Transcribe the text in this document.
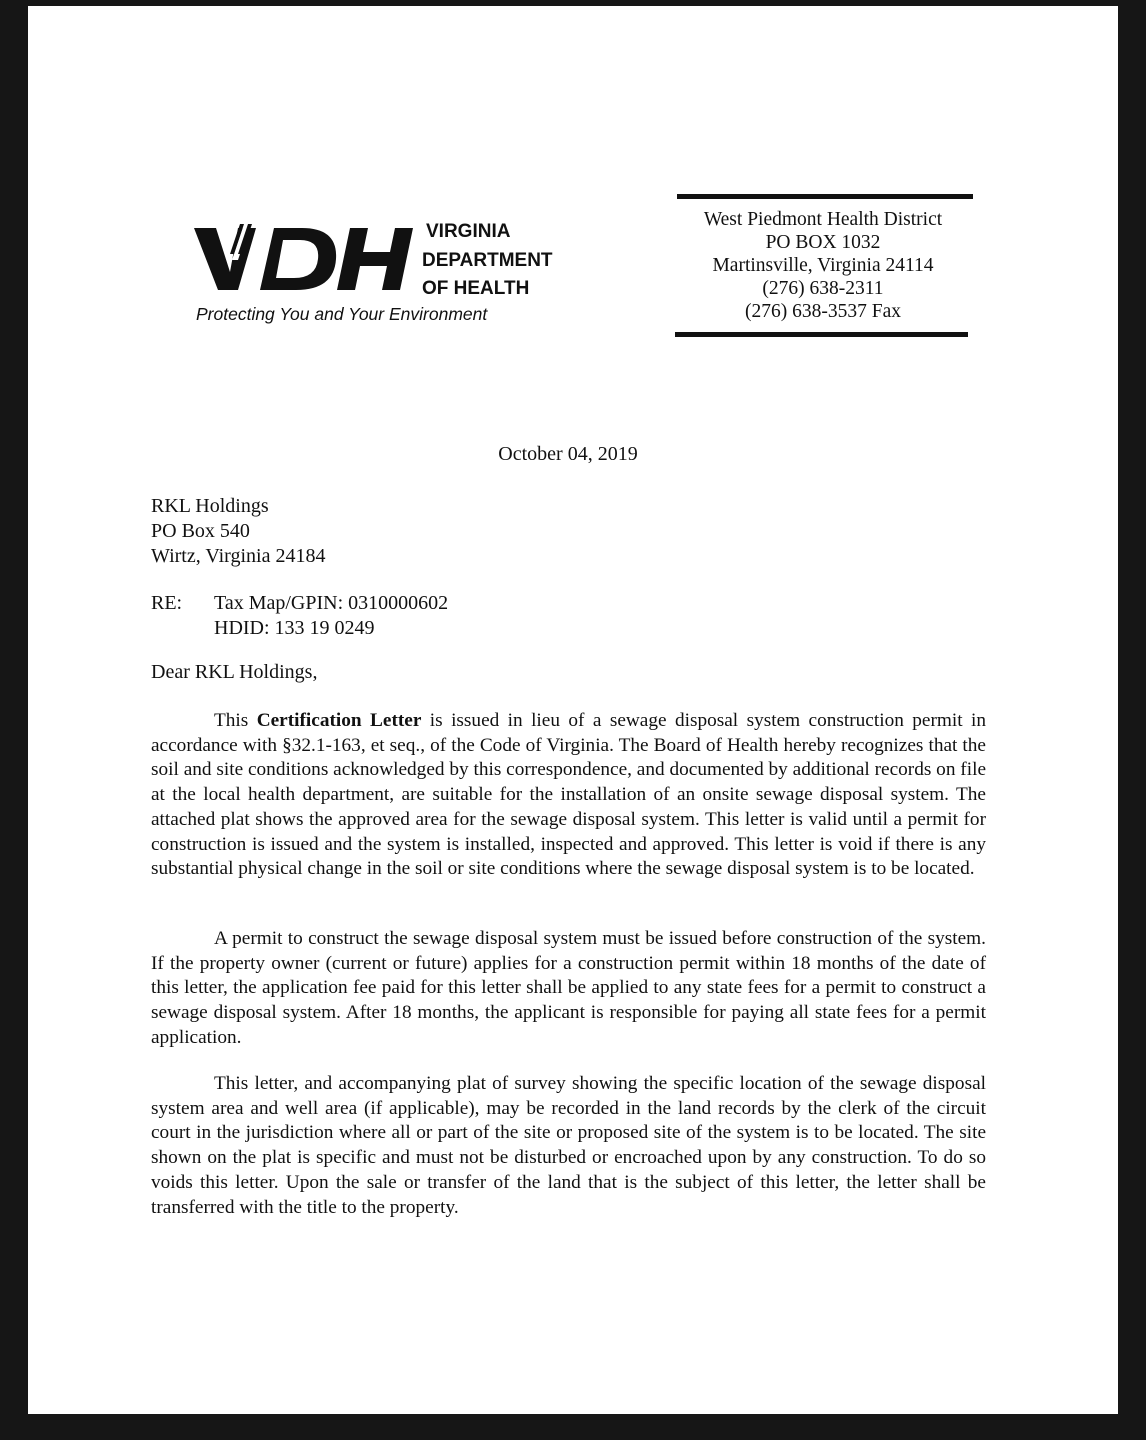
VIRGINIA
DEPARTMENT
OF HEALTH
Protecting You and Your Environment
West Piedmont Health District
PO BOX 1032
Martinsville, Virginia 24114
(276) 638-2311
(276) 638-3537 Fax
October 04, 2019
RKL Holdings
PO Box 540
Wirtz, Virginia 24184
RE: Tax Map/GPIN: 0310000602
HDID: 133 19 0249
Dear RKL Holdings,

This Certification Letter is issued in lieu of a sewage disposal system construction permit in accordance with §32.1-163, et seq., of the Code of Virginia. The Board of Health hereby recognizes that the soil and site conditions acknowledged by this correspondence, and documented by additional records on file at the local health department, are suitable for the installation of an onsite sewage disposal system. The attached plat shows the approved area for the sewage disposal system. This letter is valid until a permit for construction is issued and the system is installed, inspected and approved. This letter is void if there is any substantial physical change in the soil or site conditions where the sewage disposal system is to be located.

A permit to construct the sewage disposal system must be issued before construction of the system. If the property owner (current or future) applies for a construction permit within 18 months of the date of this letter, the application fee paid for this letter shall be applied to any state fees for a permit to construct a sewage disposal system. After 18 months, the applicant is responsible for paying all state fees for a permit application.

This letter, and accompanying plat of survey showing the specific location of the sewage disposal system area and well area (if applicable), may be recorded in the land records by the clerk of the circuit court in the jurisdiction where all or part of the site or proposed site of the system is to be located. The site shown on the plat is specific and must not be disturbed or encroached upon by any construction. To do so voids this letter. Upon the sale or transfer of the land that is the subject of this letter, the letter shall be transferred with the title to the property.
